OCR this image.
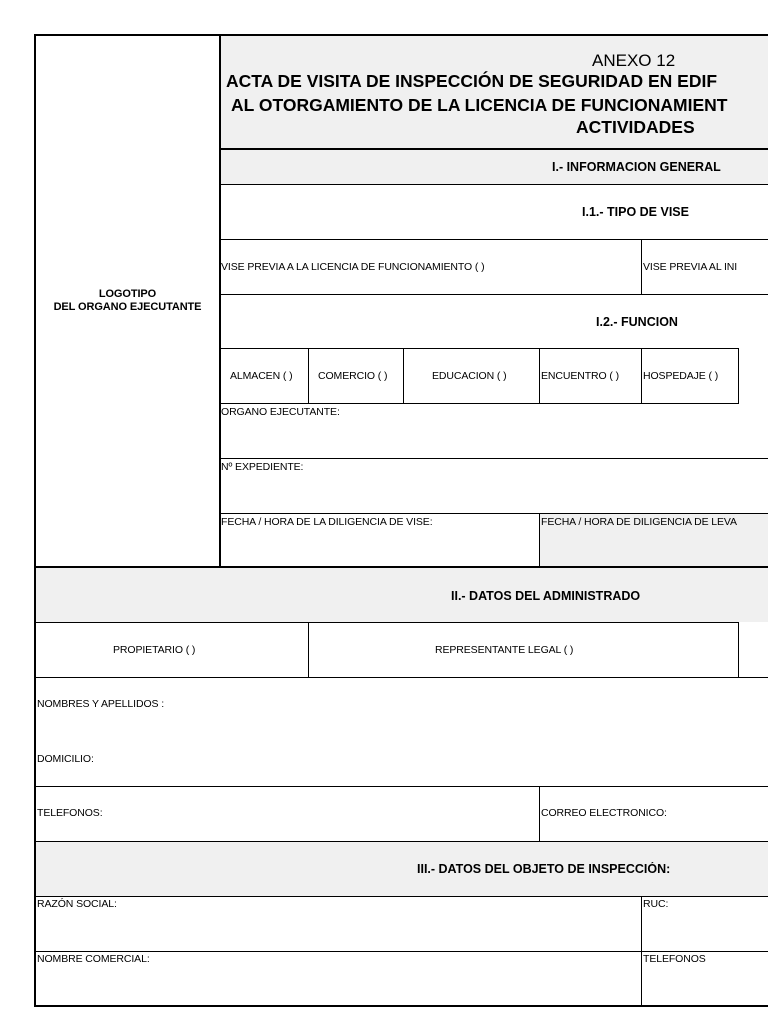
LOGOTIPO
DEL ORGANO EJECUTANTE
ANEXO 12
ACTA DE VISITA DE INSPECCIÓN DE SEGURIDAD EN EDIF
AL OTORGAMIENTO DE LA LICENCIA DE FUNCIONAMIENT
ACTIVIDADES
I.- INFORMACION GENERAL
I.1.- TIPO DE VISE
VISE PREVIA A LA LICENCIA DE FUNCIONAMIENTO ( )	VISE PREVIA AL INI
I.2.- FUNCION
ALMACEN ( ) COMERCIO ( )	EDUCACION ( )	ENCUENTRO ( ) HOSPEDAJE ( )
ORGANO EJECUTANTE:
Nº EXPEDIENTE:
FECHA / HORA DE LA DILIGENCIA DE VISE:	FECHA / HORA DE DILIGENCIA DE LEVA
II.- DATOS DEL ADMINISTRADO
PROPIETARIO ( )	REPRESENTANTE LEGAL ( )
NOMBRES Y APELLIDOS :
DOMICILIO:
TELEFONOS:	CORREO ELECTRONICO:
III.- DATOS DEL OBJETO DE INSPECCIÓN:
RAZÓN SOCIAL:	RUC:
NOMBRE COMERCIAL:	TELEFONOS
